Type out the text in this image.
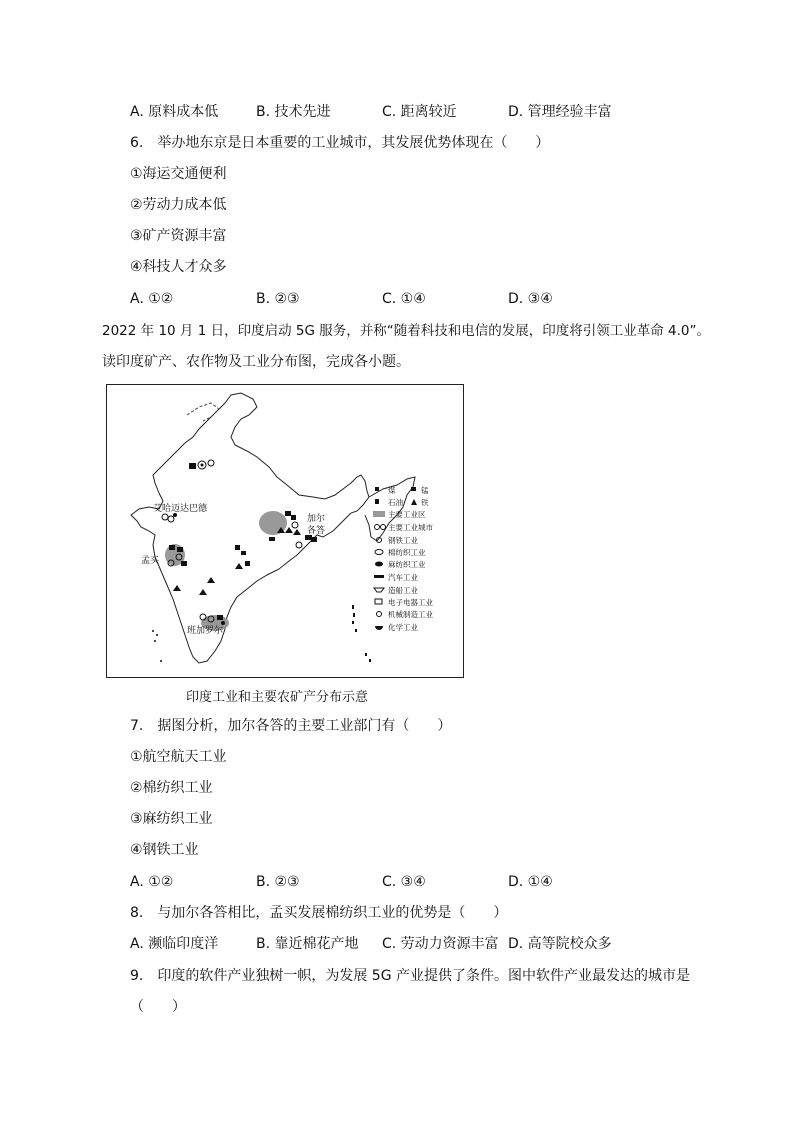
A. 原料成本低	B. 技术先进	C. 距离较近	D. 管理经验丰富
6.　举办地东京是日本重要的工业城市，其发展优势体现在（　　）
①海运交通便利
②劳动力成本低
③矿产资源丰富
④科技人才众多
A. ①②	B. ②③	C. ①④	D. ③④
2022 年 10 月 1 日，印度启动 5G 服务，并称“随着科技和电信的发展，印度将引领工业革命 4.0”。
读印度矿产、农作物及工业分布图，完成各小题。
艾哈迈达巴德
孟买
加尔
各答
班加罗尔
煤	锰
石油 铁
主要工业区
主要工业城市
钢铁工业
棉纺织工业
麻纺织工业
汽车工业
造船工业
电子电器工业
机械制造工业
化学工业
印度工业和主要农矿产分布示意
7.　据图分析，加尔各答的主要工业部门有（　　）
①航空航天工业
②棉纺织工业
③麻纺织工业
④钢铁工业
A. ①②	B. ②③	C. ③④	D. ①④
8.　与加尔各答相比，孟买发展棉纺织工业的优势是（　　）
A. 濒临印度洋	B. 靠近棉花产地 C. 劳动力资源丰富 D. 高等院校众多
9.　印度的软件产业独树一帜，为发展 5G 产业提供了条件。图中软件产业最发达的城市是
（　　）
